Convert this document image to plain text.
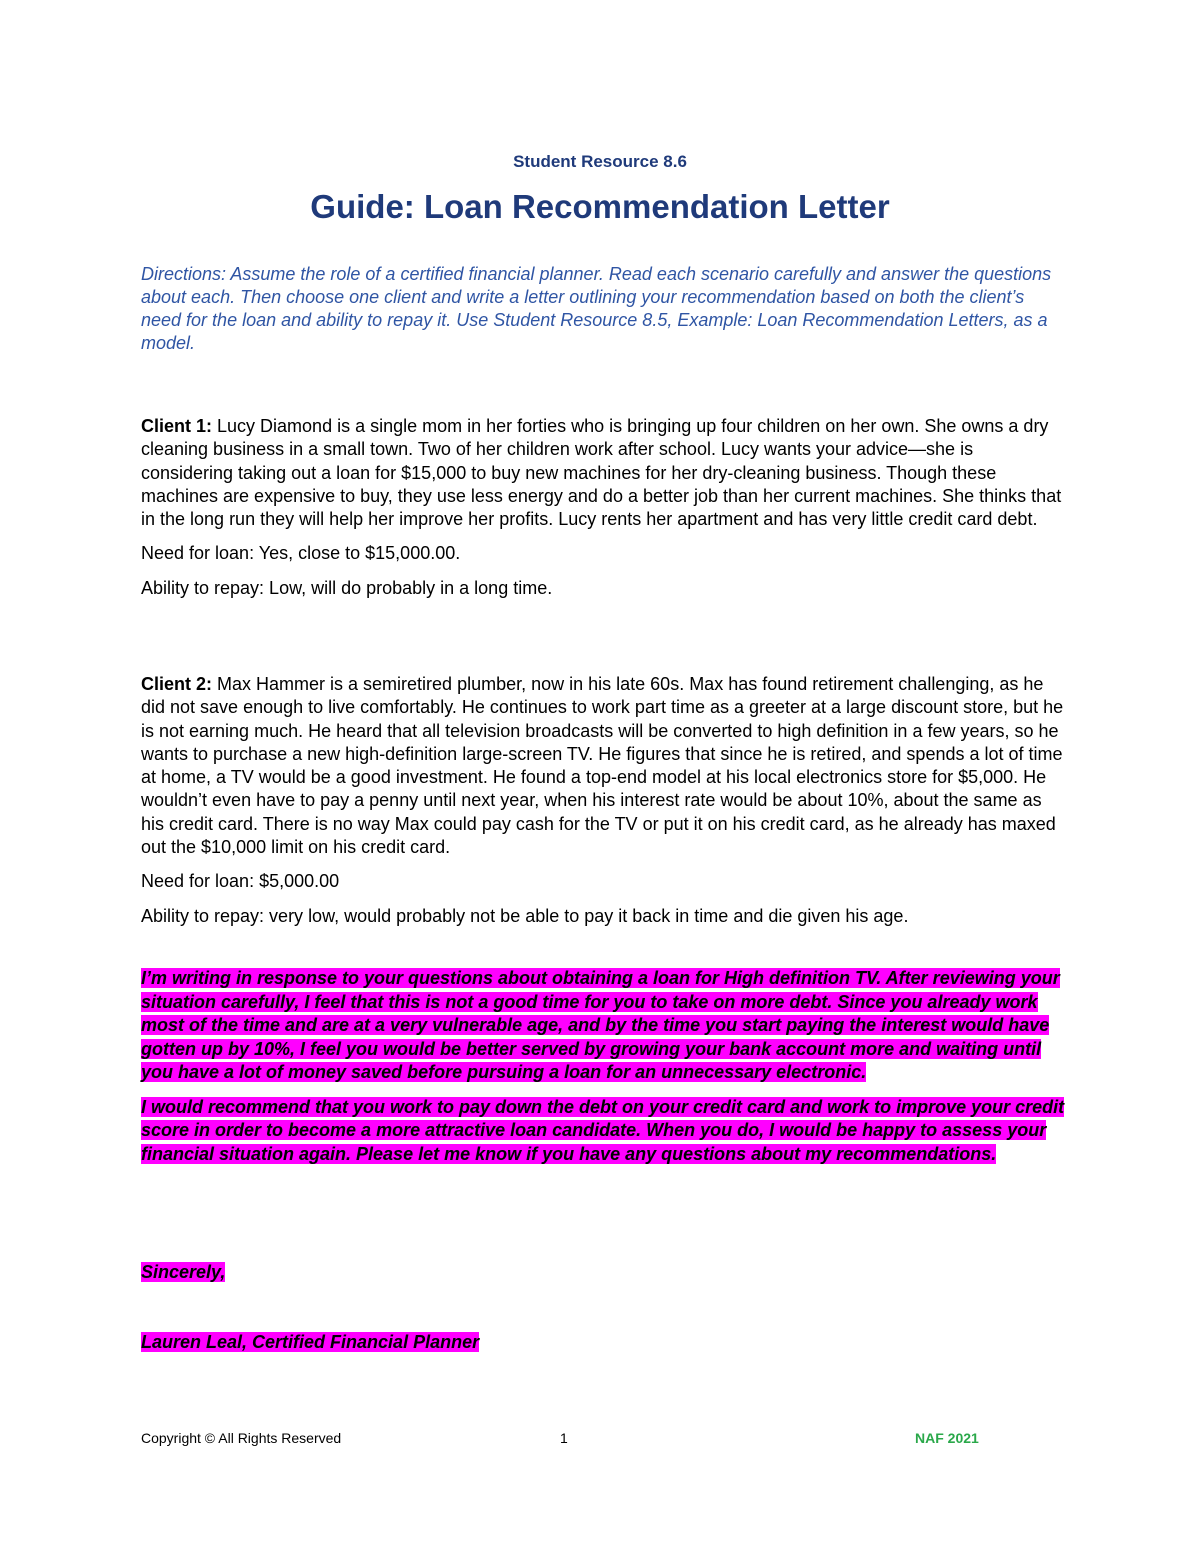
Student Resource 8.6
Guide: Loan Recommendation Letter

Directions: Assume the role of a certified financial planner. Read each scenario carefully and answer the questions about each. Then choose one client and write a letter outlining your recommendation based on both the client’s need for the loan and ability to repay it. Use Student Resource 8.5, Example: Loan Recommendation Letters, as a model.

Client 1: Lucy Diamond is a single mom in her forties who is bringing up four children on her own. She owns a dry cleaning business in a small town. Two of her children work after school. Lucy wants your advice—she is considering taking out a loan for $15,000 to buy new machines for her dry-cleaning business. Though these machines are expensive to buy, they use less energy and do a better job than her current machines. She thinks that in the long run they will help her improve her profits. Lucy rents her apartment and has very little credit card debt.

Need for loan: Yes, close to $15,000.00.

Ability to repay: Low, will do probably in a long time.

Client 2: Max Hammer is a semiretired plumber, now in his late 60s. Max has found retirement challenging, as he did not save enough to live comfortably. He continues to work part time as a greeter at a large discount store, but he is not earning much. He heard that all television broadcasts will be converted to high definition in a few years, so he wants to purchase a new high-definition large-screen TV. He figures that since he is retired, and spends a lot of time at home, a TV would be a good investment. He found a top-end model at his local electronics store for $5,000. He wouldn’t even have to pay a penny until next year, when his interest rate would be about 10%, about the same as his credit card. There is no way Max could pay cash for the TV or put it on his credit card, as he already has maxed out the $10,000 limit on his credit card.

Need for loan: $5,000.00

Ability to repay: very low, would probably not be able to pay it back in time and die given his age.

I’m writing in response to your questions about obtaining a loan for High definition TV. After reviewing your situation carefully, I feel that this is not a good time for you to take on more debt. Since you already work most of the time and are at a very vulnerable age, and by the time you start paying the interest would have gotten up by 10%, I feel you would be better served by growing your bank account more and waiting until you have a lot of money saved before pursuing a loan for an unnecessary electronic.

I would recommend that you work to pay down the debt on your credit card and work to improve your credit score in order to become a more attractive loan candidate. When you do, I would be happy to assess your financial situation again. Please let me know if you have any questions about my recommendations.

Sincerely,

Lauren Leal, Certified Financial Planner

Copyright © All Rights Reserved	1	NAF 2021
